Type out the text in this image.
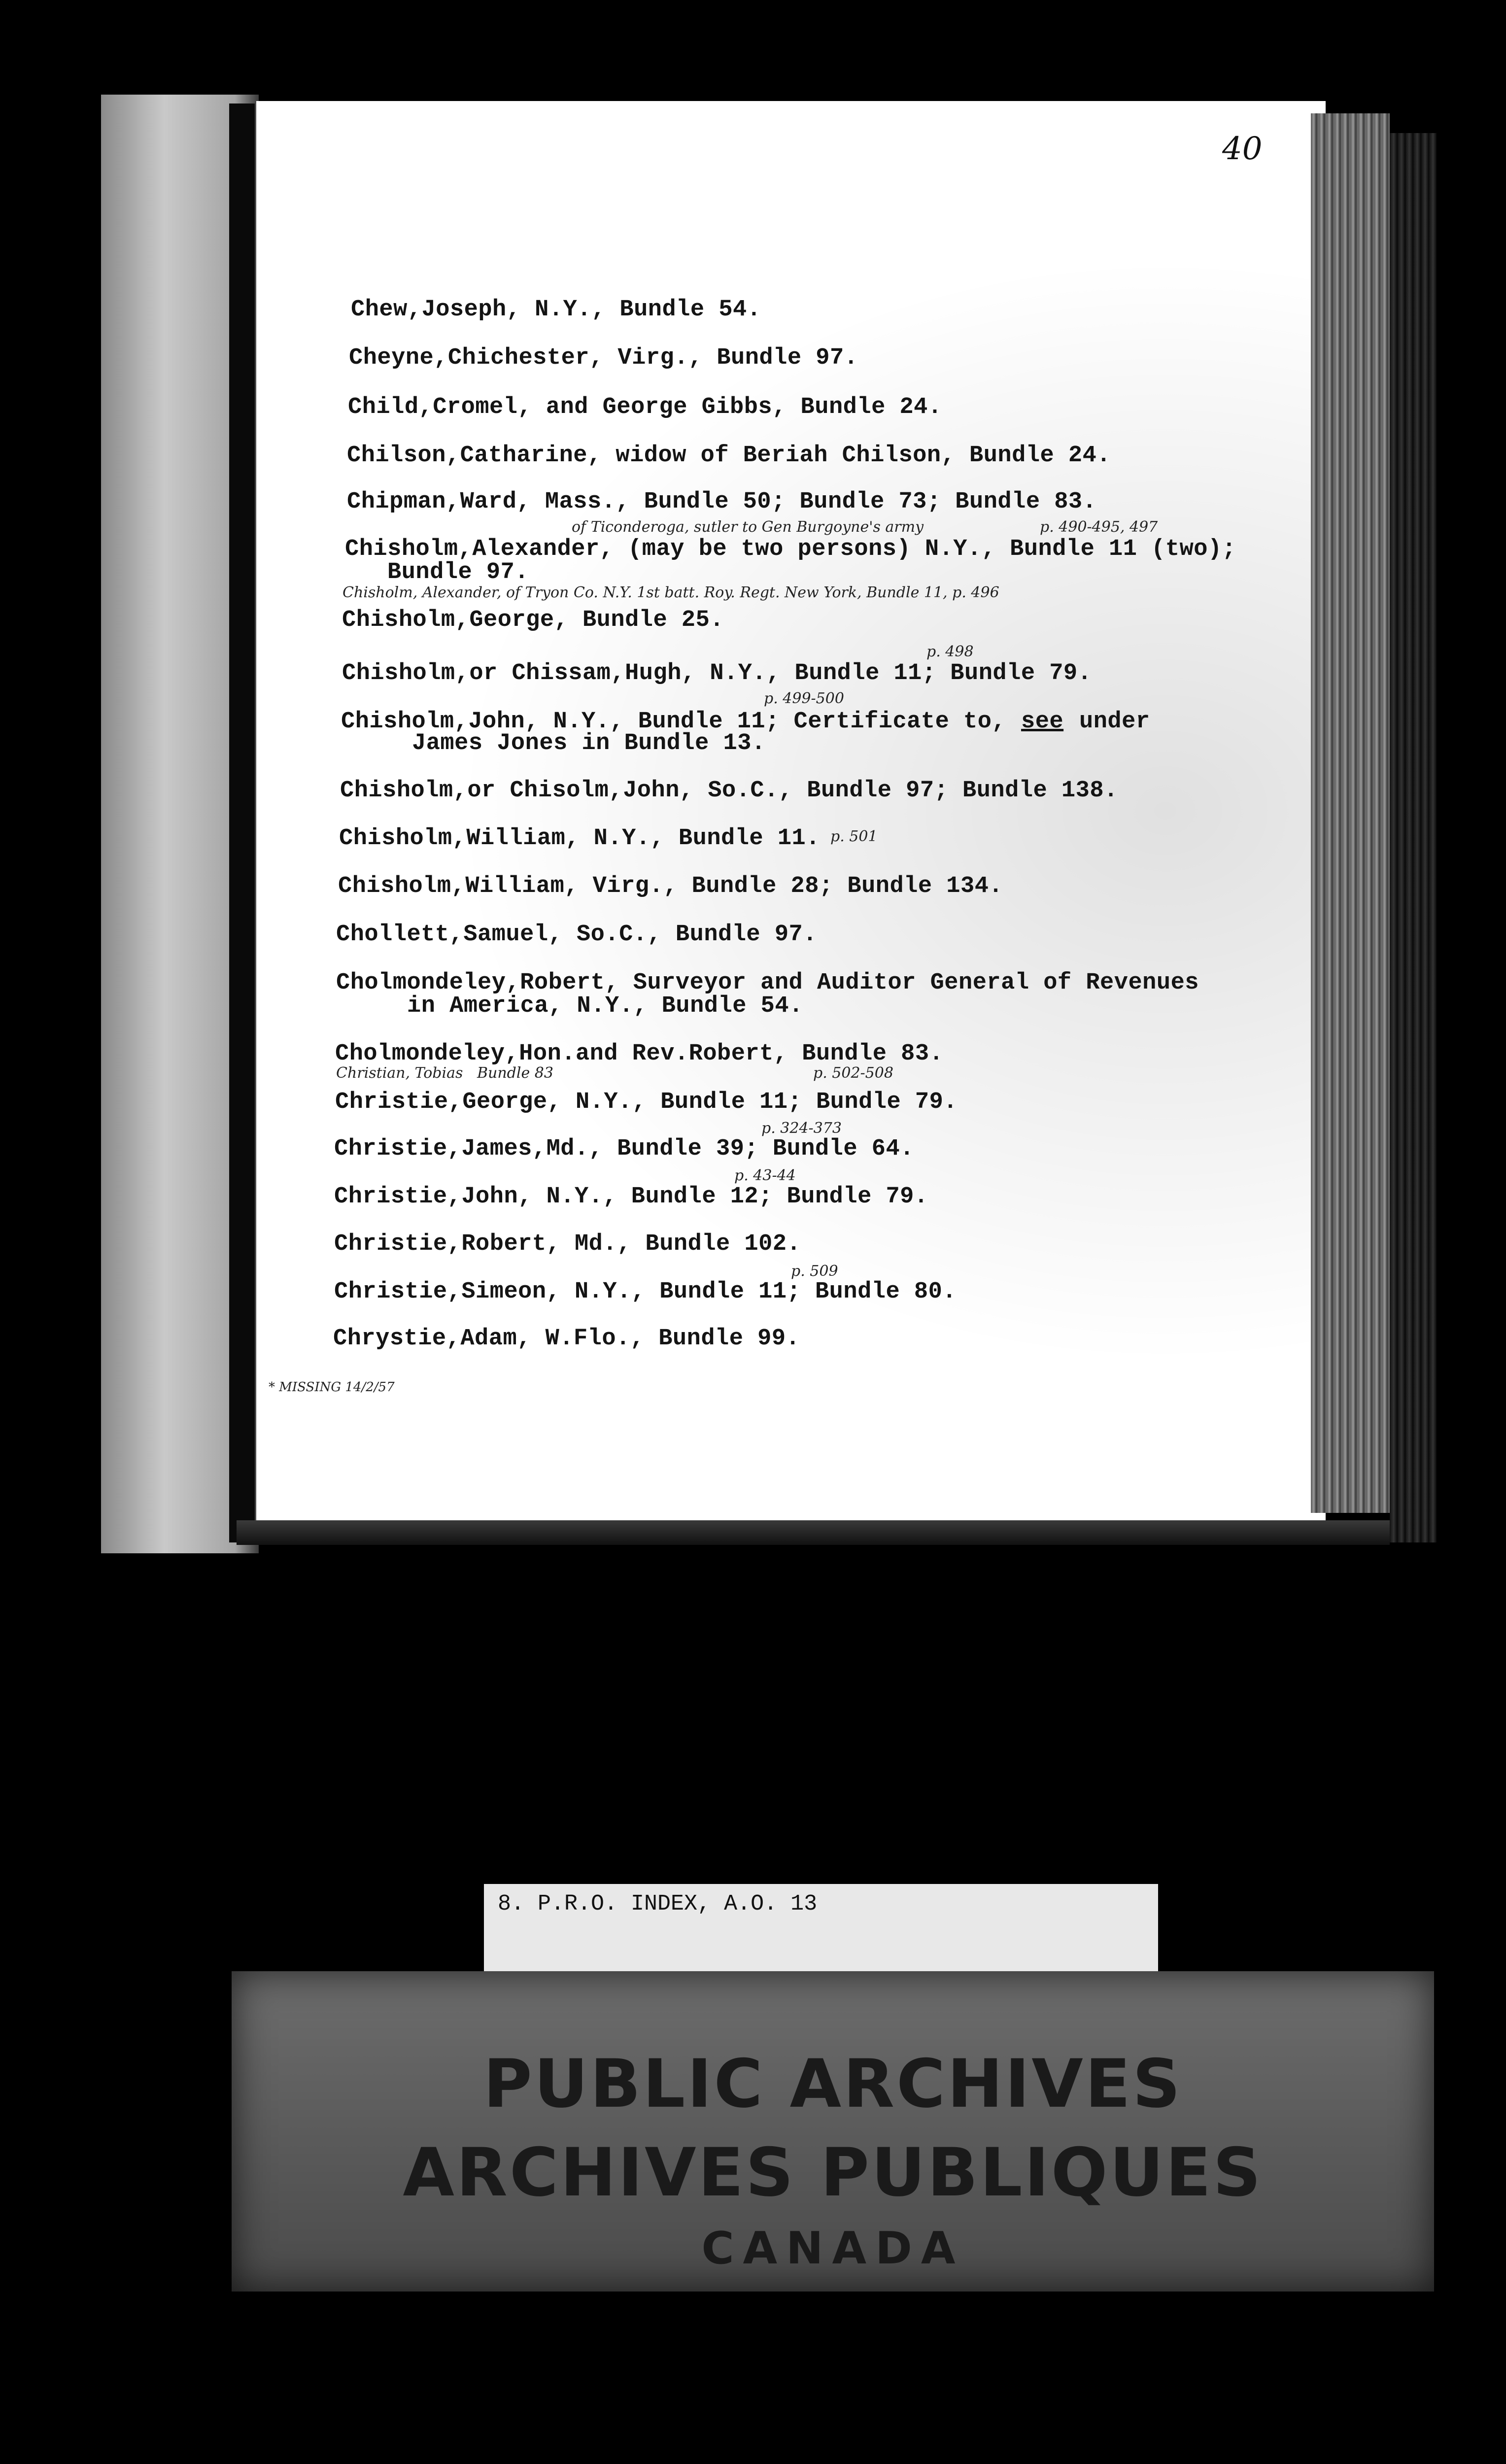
40
Chew,Joseph, N.Y., Bundle 54.
Cheyne,Chichester, Virg., Bundle 97.
Child,Cromel, and George Gibbs, Bundle 24.
Chilson,Catharine, widow of Beriah Chilson, Bundle 24.
Chipman,Ward, Mass., Bundle 50; Bundle 73; Bundle 83.
Chisholm,Alexander, (may be two persons) N.Y., Bundle 11 (two);
Bundle 97.
Chisholm,George, Bundle 25.
Chisholm,or Chissam,Hugh, N.Y., Bundle 11; Bundle 79.
Chisholm,John, N.Y., Bundle 11; Certificate to, see under
James Jones in Bundle 13.
Chisholm,or Chisolm,John, So.C., Bundle 97; Bundle 138.
Chisholm,William, N.Y., Bundle 11.
Chisholm,William, Virg., Bundle 28; Bundle 134.
Chollett,Samuel, So.C., Bundle 97.
Cholmondeley,Robert, Surveyor and Auditor General of Revenues
in America, N.Y., Bundle 54.
Cholmondeley,Hon.and Rev.Robert, Bundle 83.
Christie,George, N.Y., Bundle 11; Bundle 79.
Christie,James,Md., Bundle 39; Bundle 64.
Christie,John, N.Y., Bundle 12; Bundle 79.
Christie,Robert, Md., Bundle 102.
Christie,Simeon, N.Y., Bundle 11; Bundle 80.
Chrystie,Adam, W.Flo., Bundle 99.
of Ticonderoga, sutler to Gen Burgoyne's army	p. 490-495, 497
Chisholm, Alexander, of Tryon Co. N.Y. 1st batt. Roy. Regt. New York, Bundle 11, p. 496
p. 498
p. 499-500
p. 501
Christian, Tobias   Bundle 83	p. 502-508
p. 324-373
p. 43-44
p. 509
* MISSING 14/2/57
8. P.R.O. INDEX, A.O. 13
PUBLIC ARCHIVES
ARCHIVES PUBLIQUES
CANADA
